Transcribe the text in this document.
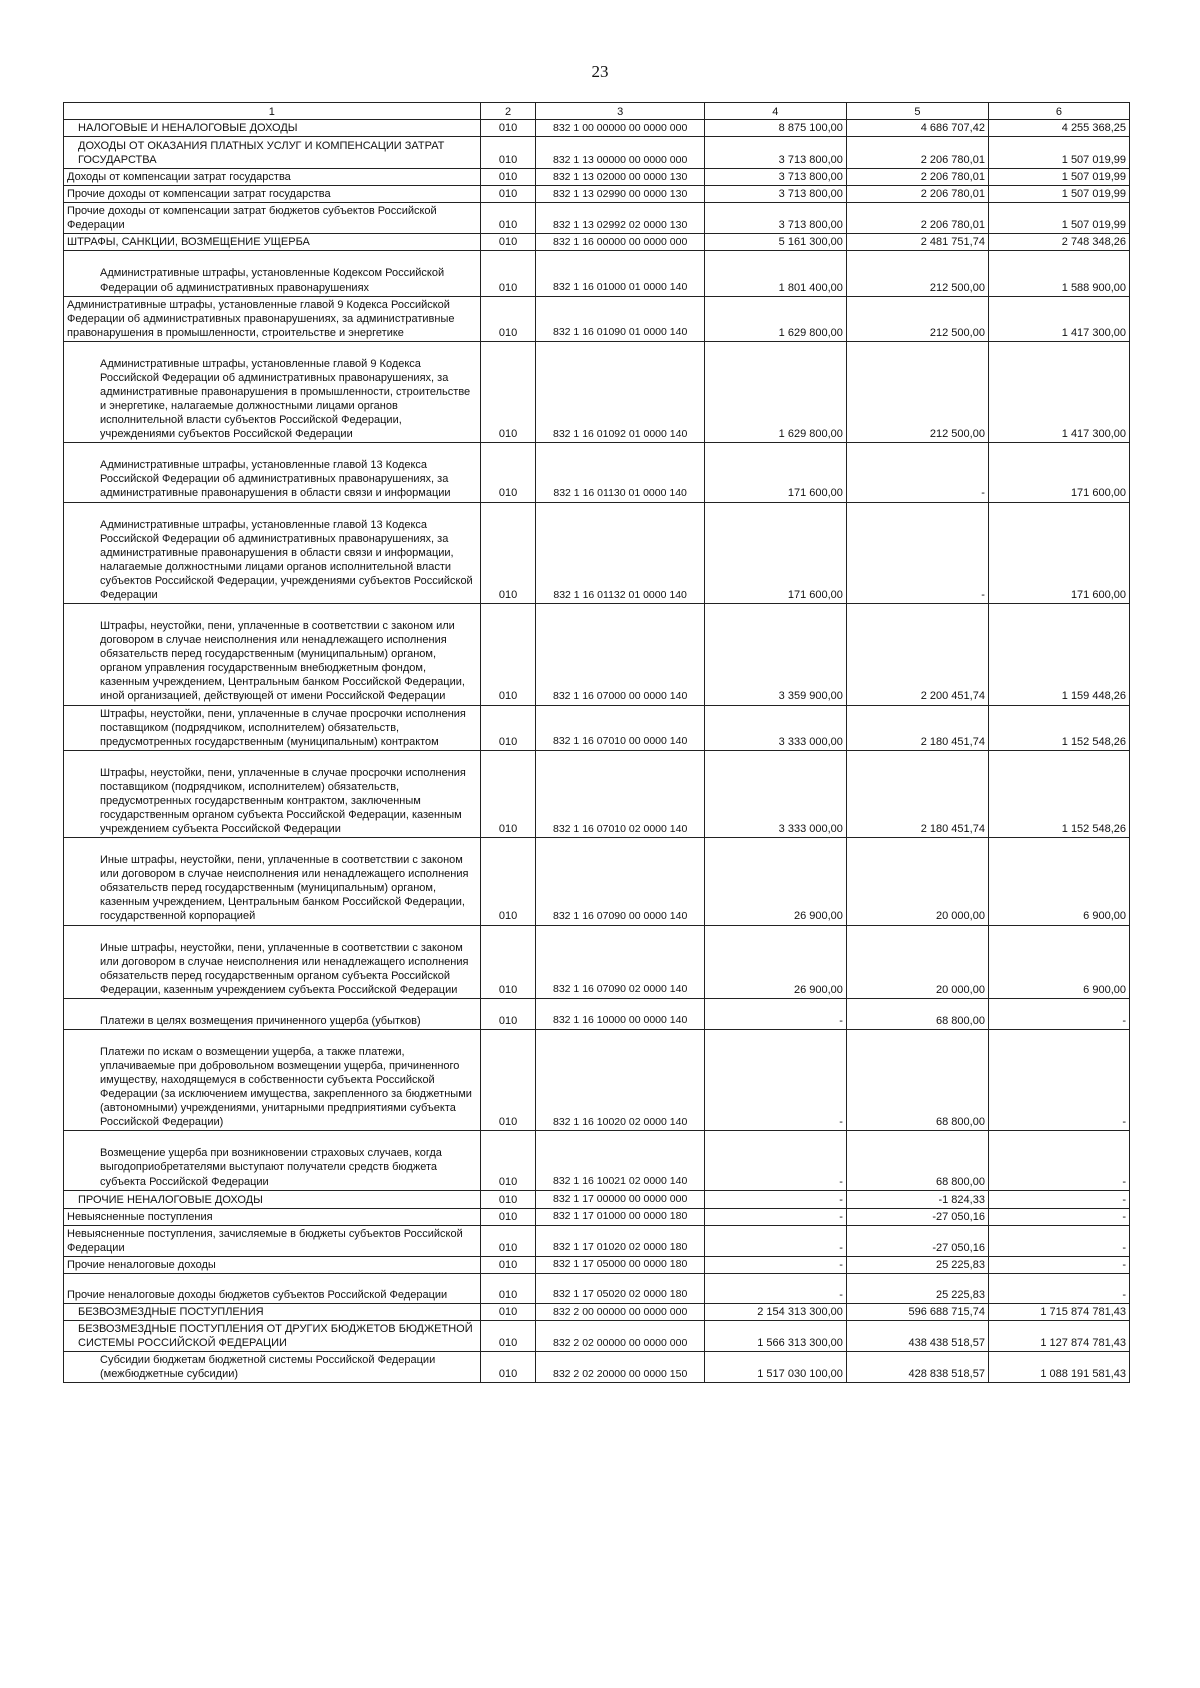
23
1	2	3	4	5	6
НАЛОГОВЫЕ И НЕНАЛОГОВЫЕ ДОХОДЫ	010	832 1 00 00000 00 0000 000	8 875 100,00	4 686 707,42	4 255 368,25
ДОХОДЫ ОТ ОКАЗАНИЯ ПЛАТНЫХ УСЛУГ И КОМПЕНСАЦИИ ЗАТРАТ ГОСУДАРСТВА	010	832 1 13 00000 00 0000 000	3 713 800,00	2 206 780,01	1 507 019,99
Доходы от компенсации затрат государства	010	832 1 13 02000 00 0000 130	3 713 800,00	2 206 780,01	1 507 019,99
Прочие доходы от компенсации затрат государства	010	832 1 13 02990 00 0000 130	3 713 800,00	2 206 780,01	1 507 019,99
Прочие доходы от компенсации затрат бюджетов субъектов Российской Федерации	010	832 1 13 02992 02 0000 130	3 713 800,00	2 206 780,01	1 507 019,99
ШТРАФЫ, САНКЦИИ, ВОЗМЕЩЕНИЕ УЩЕРБА	010	832 1 16 00000 00 0000 000	5 161 300,00	2 481 751,74	2 748 348,26

Административные штрафы, установленные Кодексом Российской Федерации об административных правонарушениях	010	832 1 16 01000 01 0000 140	1 801 400,00	212 500,00	1 588 900,00
Административные штрафы, установленные главой 9 Кодекса Российской Федерации об административных правонарушениях, за административные правонарушения в промышленности, строительстве и энергетике	010	832 1 16 01090 01 0000 140	1 629 800,00	212 500,00	1 417 300,00

Административные штрафы, установленные главой 9 Кодекса Российской Федерации об административных правонарушениях, за административные правонарушения в промышленности, строительстве и энергетике, налагаемые должностными лицами органов исполнительной власти субъектов Российской Федерации, учреждениями субъектов Российской Федерации	010	832 1 16 01092 01 0000 140	1 629 800,00	212 500,00	1 417 300,00

Административные штрафы, установленные главой 13 Кодекса Российской Федерации об административных правонарушениях, за административные правонарушения в области связи и информации	010	832 1 16 01130 01 0000 140	171 600,00	-	171 600,00

Административные штрафы, установленные главой 13 Кодекса Российской Федерации об административных правонарушениях, за административные правонарушения в области связи и информации, налагаемые должностными лицами органов исполнительной власти субъектов Российской Федерации, учреждениями субъектов Российской Федерации	010	832 1 16 01132 01 0000 140	171 600,00	-	171 600,00

Штрафы, неустойки, пени, уплаченные в соответствии с законом или договором в случае неисполнения или ненадлежащего исполнения обязательств перед государственным (муниципальным) органом, органом управления государственным внебюджетным фондом, казенным учреждением, Центральным банком Российской Федерации, иной организацией, действующей от имени Российской Федерации	010	832 1 16 07000 00 0000 140	3 359 900,00	2 200 451,74	1 159 448,26
Штрафы, неустойки, пени, уплаченные в случае просрочки исполнения поставщиком (подрядчиком, исполнителем) обязательств, предусмотренных государственным (муниципальным) контрактом	010	832 1 16 07010 00 0000 140	3 333 000,00	2 180 451,74	1 152 548,26

Штрафы, неустойки, пени, уплаченные в случае просрочки исполнения поставщиком (подрядчиком, исполнителем) обязательств, предусмотренных государственным контрактом, заключенным государственным органом субъекта Российской Федерации, казенным учреждением субъекта Российской Федерации	010	832 1 16 07010 02 0000 140	3 333 000,00	2 180 451,74	1 152 548,26

Иные штрафы, неустойки, пени, уплаченные в соответствии с законом или договором в случае неисполнения или ненадлежащего исполнения обязательств перед государственным (муниципальным) органом, казенным учреждением, Центральным банком Российской Федерации, государственной корпорацией	010	832 1 16 07090 00 0000 140	26 900,00	20 000,00	6 900,00

Иные штрафы, неустойки, пени, уплаченные в соответствии с законом или договором в случае неисполнения или ненадлежащего исполнения обязательств перед государственным органом субъекта Российской Федерации, казенным учреждением субъекта Российской Федерации	010	832 1 16 07090 02 0000 140	26 900,00	20 000,00	6 900,00

Платежи в целях возмещения причиненного ущерба (убытков)	010	832 1 16 10000 00 0000 140	-	68 800,00	-

Платежи по искам о возмещении ущерба, а также платежи, уплачиваемые при добровольном возмещении ущерба, причиненного имуществу, находящемуся в собственности субъекта Российской Федерации (за исключением имущества, закрепленного за бюджетными (автономными) учреждениями, унитарными предприятиями субъекта Российской Федерации)	010	832 1 16 10020 02 0000 140	-	68 800,00	-

Возмещение ущерба при возникновении страховых случаев, когда выгодоприобретателями выступают получатели средств бюджета субъекта Российской Федерации	010	832 1 16 10021 02 0000 140	-	68 800,00	-
ПРОЧИЕ НЕНАЛОГОВЫЕ ДОХОДЫ	010	832 1 17 00000 00 0000 000	-	-1 824,33	-
Невыясненные поступления	010	832 1 17 01000 00 0000 180	-	-27 050,16	-
Невыясненные поступления, зачисляемые в бюджеты субъектов Российской Федерации	010	832 1 17 01020 02 0000 180	-	-27 050,16	-
Прочие неналоговые доходы	010	832 1 17 05000 00 0000 180	-	25 225,83	-
Прочие неналоговые доходы бюджетов субъектов Российской Федерации	010	832 1 17 05020 02 0000 180	-	25 225,83	-
БЕЗВОЗМЕЗДНЫЕ ПОСТУПЛЕНИЯ	010	832 2 00 00000 00 0000 000	2 154 313 300,00	596 688 715,74	1 715 874 781,43
БЕЗВОЗМЕЗДНЫЕ ПОСТУПЛЕНИЯ ОТ ДРУГИХ БЮДЖЕТОВ БЮДЖЕТНОЙ СИСТЕМЫ РОССИЙСКОЙ ФЕДЕРАЦИИ	010	832 2 02 00000 00 0000 000	1 566 313 300,00	438 438 518,57	1 127 874 781,43
Субсидии бюджетам бюджетной системы Российской Федерации (межбюджетные субсидии)	010	832 2 02 20000 00 0000 150	1 517 030 100,00	428 838 518,57	1 088 191 581,43
